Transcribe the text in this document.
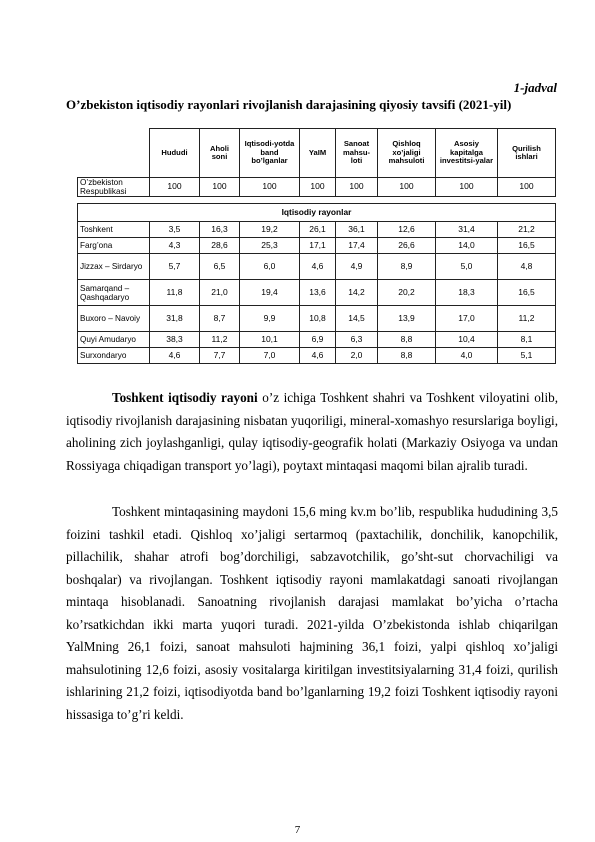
1-jadval
O’zbekiston iqtisodiy rayonlari rivojlanish darajasining qiyosiy tavsifi (2021-yil)
	Hududi	Aholi soni	Iqtisodi-yotda band bo’lganlar	YaIM	Sanoat mahsu-loti	Qishloq xo’jaligi mahsuloti	Asosiy kapitalga investitsi-yalar	Qurilish ishlari
O’zbekiston Respublikasi	100	100	100	100	100	100	100	100

Iqtisodiy rayonlar								
Toshkent	3,5	16,3	19,2	26,1	36,1	12,6	31,4	21,2
Farg’ona	4,3	28,6	25,3	17,1	17,4	26,6	14,0	16,5
Jizzax – Sirdaryo	5,7	6,5	6,0	4,6	4,9	8,9	5,0	4,8
Samarqand – Qashqadaryo	11,8	21,0	19,4	13,6	14,2	20,2	18,3	16,5
Buxoro – Navoiy	31,8	8,7	9,9	10,8	14,5	13,9	17,0	11,2
Quyi Amudaryo	38,3	11,2	10,1	6,9	6,3	8,8	10,4	8,1
Surxondaryo	4,6	7,7	7,0	4,6	2,0	8,8	4,0	5,1
Toshkent iqtisodiy rayoni o’z ichiga Toshkent shahri va Toshkent viloyatini olib, iqtisodiy rivojlanish darajasining nisbatan yuqoriligi, mineral-xomashyo resurslariga boyligi, aholining zich joylashganligi, qulay iqtisodiy-geografik holati (Markaziy Osiyoga va undan Rossiyaga chiqadigan transport yo’lagi), poytaxt mintaqasi maqomi bilan ajralib turadi.
Toshkent mintaqasining maydoni 15,6 ming kv.m bo’lib, respublika hududining 3,5 foizini tashkil etadi. Qishloq xo’jaligi sertarmoq (paxtachilik, donchilik, kanopchilik, pillachilik, shahar atrofi bog’dorchiligi, sabzavotchilik, go’sht-sut chorvachiligi va boshqalar) va rivojlangan. Toshkent iqtisodiy rayoni mamlakatdagi sanoati rivojlangan mintaqa hisoblanadi. Sanoatning rivojlanish darajasi mamlakat bo’yicha o’rtacha ko’rsatkichdan ikki marta yuqori turadi. 2021-yilda O’zbekistonda ishlab chiqarilgan YalMning 26,1 foizi, sanoat mahsuloti hajmining 36,1 foizi, yalpi qishloq xo’jaligi mahsulotining 12,6 foizi, asosiy vositalarga kiritilgan investitsiyalarning 31,4 foizi, qurilish ishlarining 21,2 foizi, iqtisodiyotda band bo’lganlarning 19,2 foizi Toshkent iqtisodiy rayoni hissasiga to’g’ri keldi.
7
